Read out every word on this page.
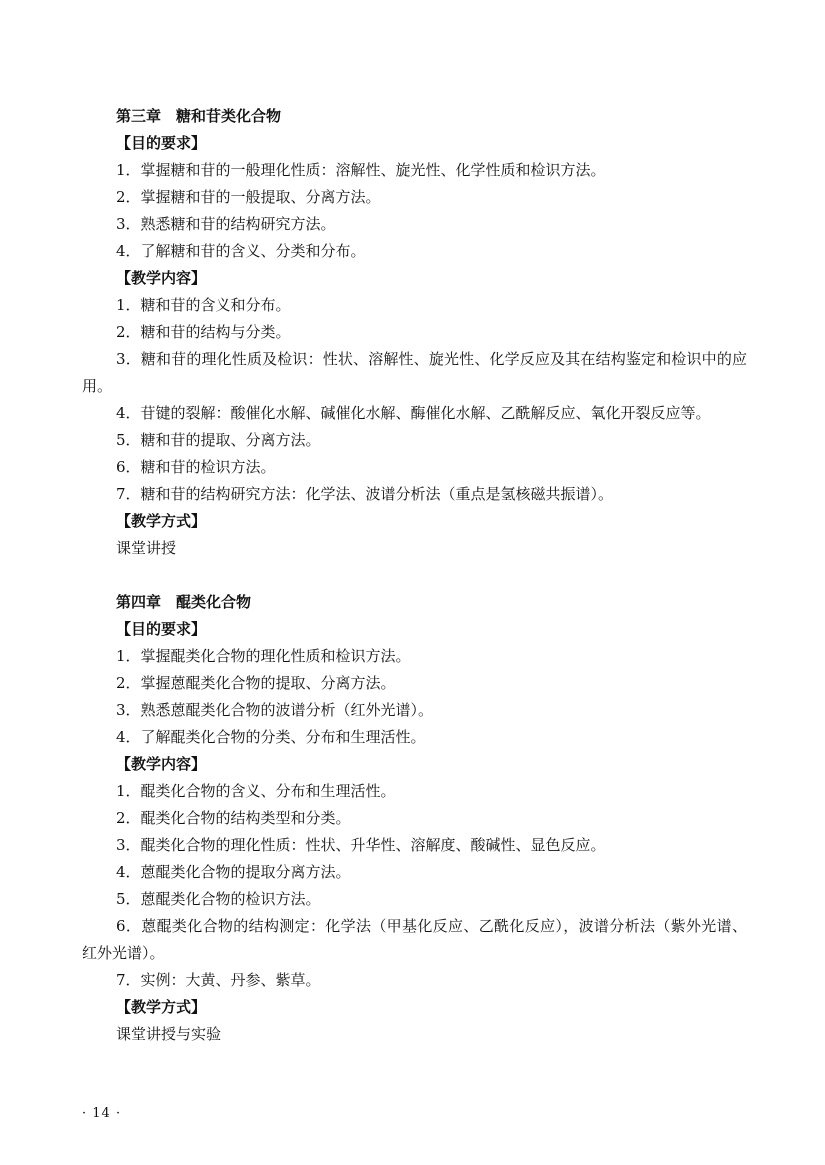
第三章　糖和苷类化合物
【目的要求】
1．掌握糖和苷的一般理化性质：溶解性、旋光性、化学性质和检识方法。
2．掌握糖和苷的一般提取、分离方法。
3．熟悉糖和苷的结构研究方法。
4．了解糖和苷的含义、分类和分布。
【教学内容】
1．糖和苷的含义和分布。
2．糖和苷的结构与分类。
3．糖和苷的理化性质及检识：性状、溶解性、旋光性、化学反应及其在结构鉴定和检识中的应用。
4．苷键的裂解：酸催化水解、碱催化水解、酶催化水解、乙酰解反应、氧化开裂反应等。
5．糖和苷的提取、分离方法。
6．糖和苷的检识方法。
7．糖和苷的结构研究方法：化学法、波谱分析法（重点是氢核磁共振谱）。
【教学方式】
课堂讲授
第四章　醌类化合物
【目的要求】
1．掌握醌类化合物的理化性质和检识方法。
2．掌握蒽醌类化合物的提取、分离方法。
3．熟悉蒽醌类化合物的波谱分析（红外光谱）。
4．了解醌类化合物的分类、分布和生理活性。
【教学内容】
1．醌类化合物的含义、分布和生理活性。
2．醌类化合物的结构类型和分类。
3．醌类化合物的理化性质：性状、升华性、溶解度、酸碱性、显色反应。
4．蒽醌类化合物的提取分离方法。
5．蒽醌类化合物的检识方法。
6．蒽醌类化合物的结构测定：化学法（甲基化反应、乙酰化反应），波谱分析法（紫外光谱、红外光谱）。
7．实例：大黄、丹参、紫草。
【教学方式】
课堂讲授与实验
· 14 ·
